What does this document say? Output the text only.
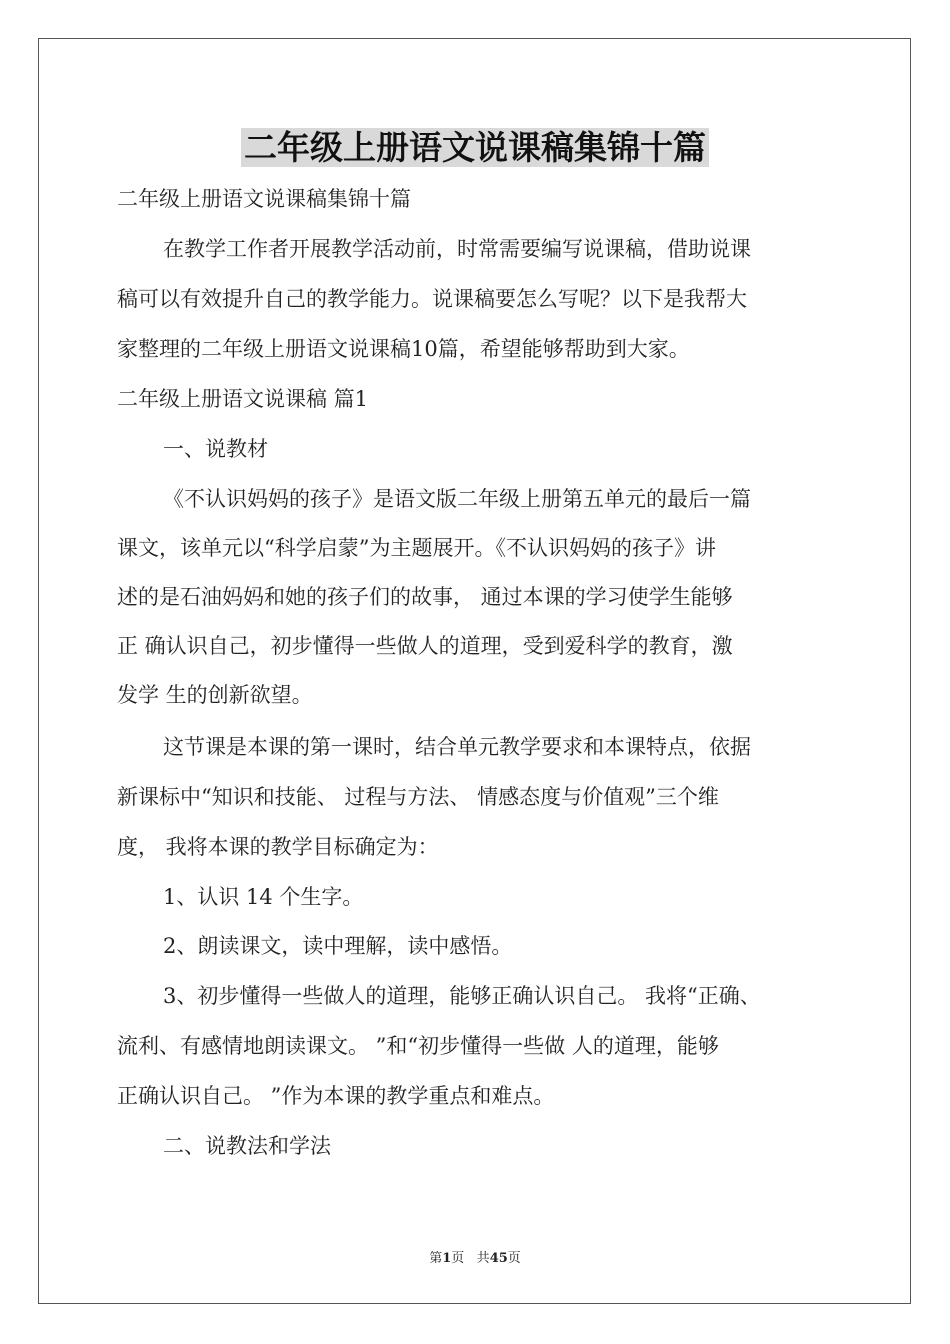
二年级上册语文说课稿集锦十篇
二年级上册语文说课稿集锦十篇
在教学工作者开展教学活动前，时常需要编写说课稿，借助说课
稿可以有效提升自己的教学能力。说课稿要怎么写呢？以下是我帮大
家整理的二年级上册语文说课稿10篇，希望能够帮助到大家。
二年级上册语文说课稿 篇1
一、说教材
《不认识妈妈的孩子》是语文版二年级上册第五单元的最后一篇
课文，该单元以“科学启蒙”为主题展开。《不认识妈妈的孩子》讲
述的是石油妈妈和她的孩子们的故事， 通过本课的学习使学生能够
正 确认识自己，初步懂得一些做人的道理，受到爱科学的教育，激
发学 生的创新欲望。
这节课是本课的第一课时，结合单元教学要求和本课特点，依据
新课标中“知识和技能、 过程与方法、 情感态度与价值观”三个维
度， 我将本课的教学目标确定为：
1、认识 14 个生字。
2、朗读课文，读中理解，读中感悟。
3、初步懂得一些做人的道理，能够正确认识自己。 我将“正确、
流利、有感情地朗读课文。 ”和“初步懂得一些做 人的道理，能够
正确认识自己。 ”作为本课的教学重点和难点。
二、说教法和学法
第1页 共45页
